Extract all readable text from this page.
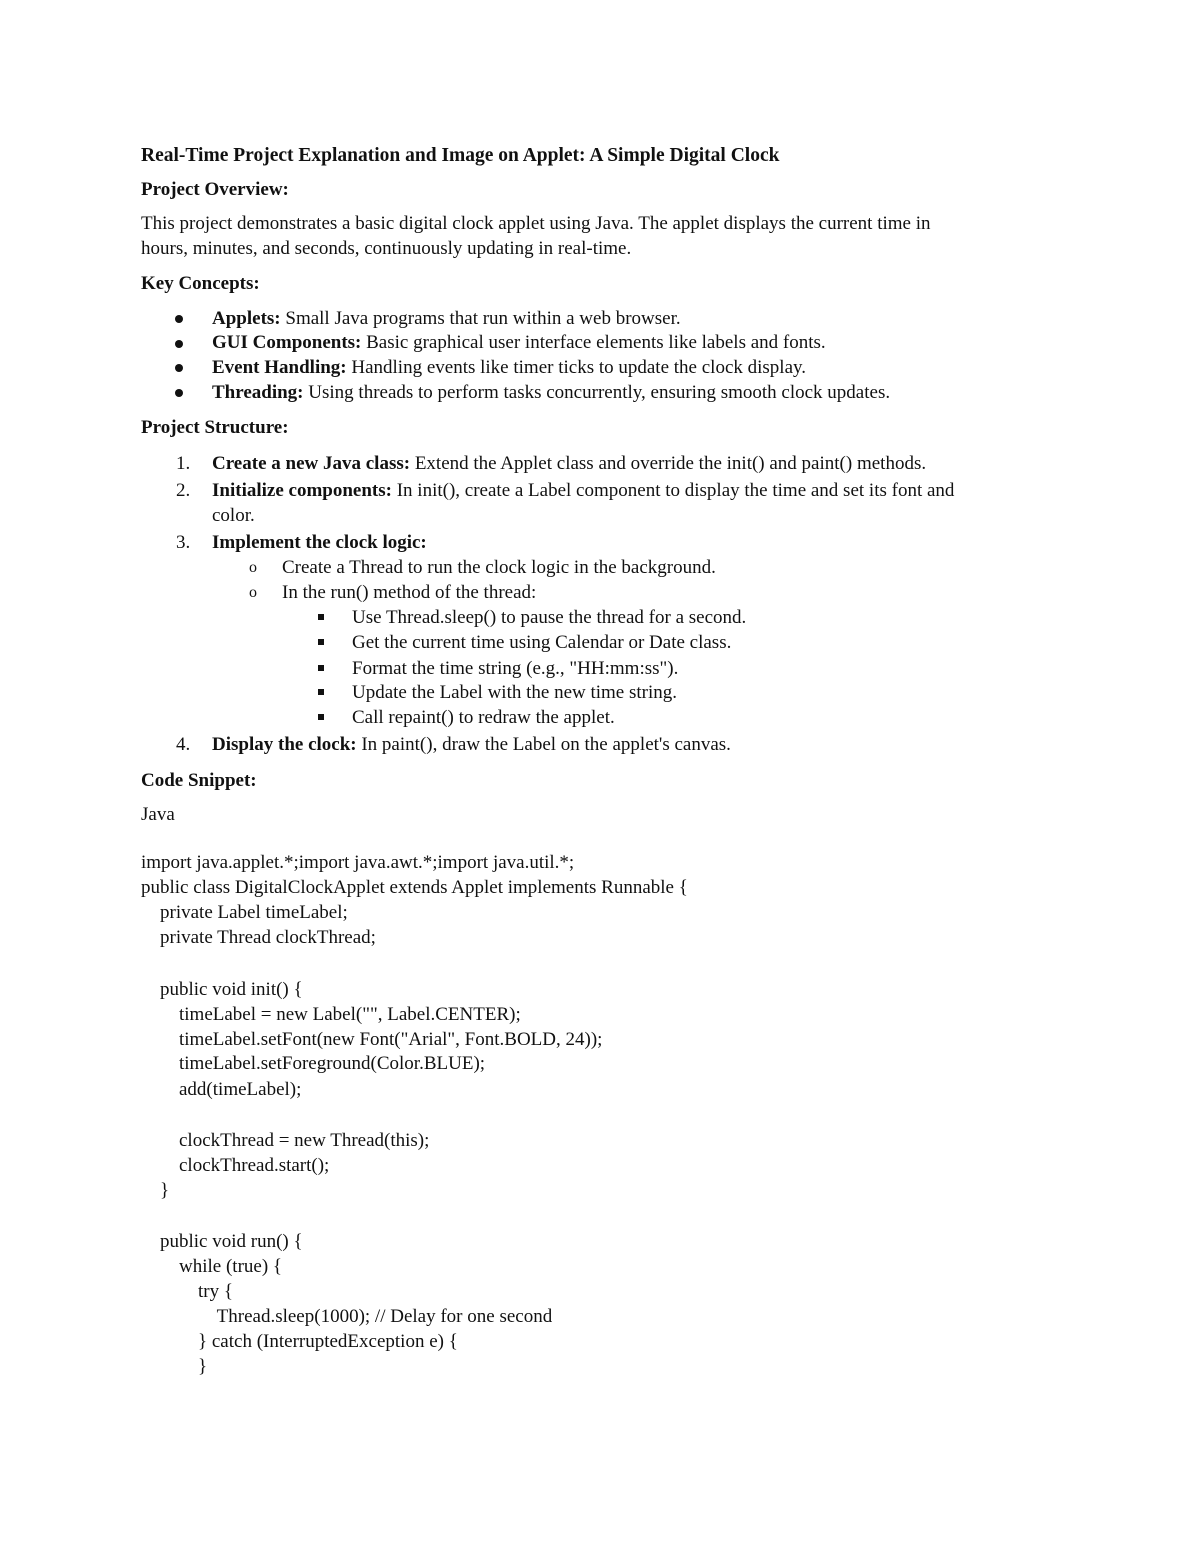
Real-Time Project Explanation and Image on Applet: A Simple Digital Clock

Project Overview:

This project demonstrates a basic digital clock applet using Java. The applet displays the current time in

hours, minutes, and seconds, continuously updating in real-time.

Key Concepts:

Applets: Small Java programs that run within a web browser.

GUI Components: Basic graphical user interface elements like labels and fonts.

Event Handling: Handling events like timer ticks to update the clock display.

Threading: Using threads to perform tasks concurrently, ensuring smooth clock updates.

Project Structure:

1. Create a new Java class: Extend the Applet class and override the init() and paint() methods.

2. Initialize components: In init(), create a Label component to display the time and set its font and

color.

3. Implement the clock logic:

o Create a Thread to run the clock logic in the background.

o In the run() method of the thread:

Use Thread.sleep() to pause the thread for a second.

Get the current time using Calendar or Date class.

Format the time string (e.g., "HH:mm:ss").

Update the Label with the new time string.

Call repaint() to redraw the applet.

4. Display the clock: In paint(), draw the Label on the applet's canvas.

Code Snippet:

Java

import java.applet.*;import java.awt.*;import java.util.*;

public class DigitalClockApplet extends Applet implements Runnable {

private Label timeLabel;

private Thread clockThread;

public void init() {

timeLabel = new Label("", Label.CENTER);

timeLabel.setFont(new Font("Arial", Font.BOLD, 24));

timeLabel.setForeground(Color.BLUE);

add(timeLabel);

clockThread = new Thread(this);

clockThread.start();

}

public void run() {

while (true) {

try {

Thread.sleep(1000); // Delay for one second

} catch (InterruptedException e) {

}
